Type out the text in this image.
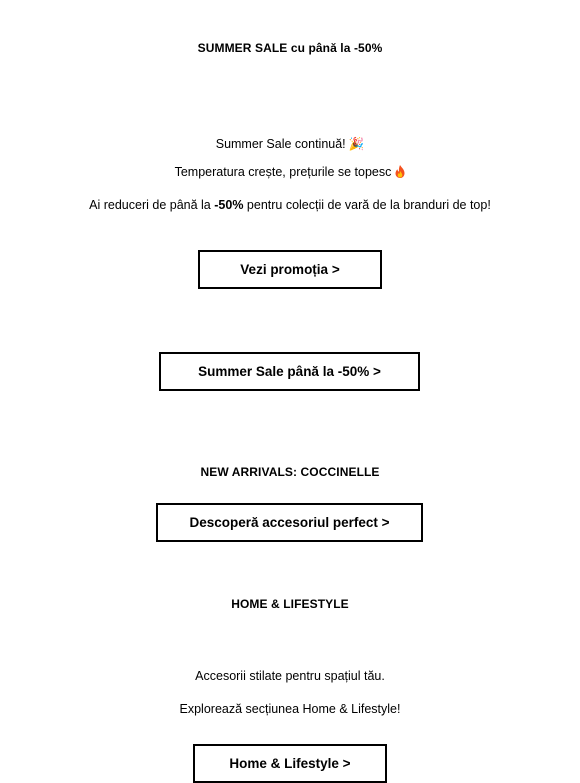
SUMMER SALE cu până la -50%
Summer Sale continuă! 🎉
Temperatura crește, prețurile se topesc
Ai reduceri de până la -50% pentru colecții de vară de la branduri de top!
Vezi promoția >
Summer Sale până la -50% >
NEW ARRIVALS: COCCINELLE
Descoperă accesoriul perfect >
HOME & LIFESTYLE
Accesorii stilate pentru spațiul tău.
Explorează secțiunea Home & Lifestyle!
Home & Lifestyle >
